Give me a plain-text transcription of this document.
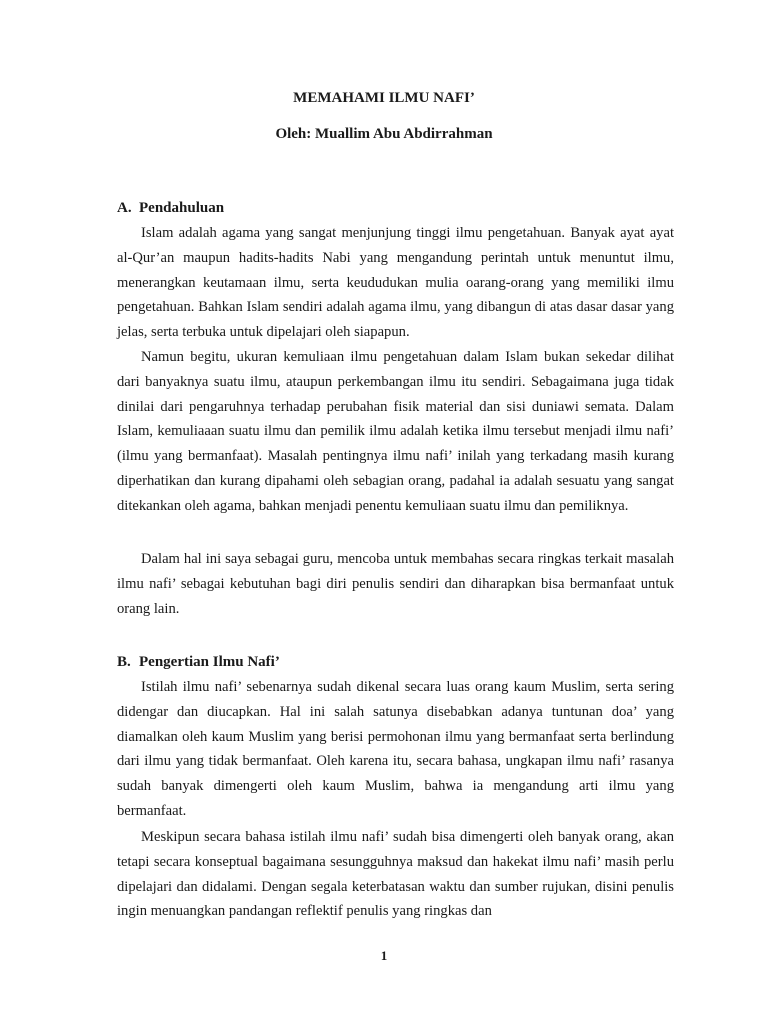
MEMAHAMI ILMU NAFI’
Oleh: Muallim Abu Abdirrahman
A. Pendahuluan

Islam adalah agama yang sangat menjunjung tinggi ilmu pengetahuan. Banyak ayat ayat al-Qur’an maupun hadits-hadits Nabi yang mengandung perintah untuk menuntut ilmu, menerangkan keutamaan ilmu, serta keududukan mulia oarang-orang yang memiliki ilmu pengetahuan. Bahkan Islam sendiri adalah agama ilmu, yang dibangun di atas dasar dasar yang jelas, serta terbuka untuk dipelajari oleh siapapun.

Namun begitu, ukuran kemuliaan ilmu pengetahuan dalam Islam bukan sekedar dilihat dari banyaknya suatu ilmu, ataupun perkembangan ilmu itu sendiri. Sebagaimana juga tidak dinilai dari pengaruhnya terhadap perubahan fisik material dan sisi duniawi semata. Dalam Islam, kemuliaaan suatu ilmu dan pemilik ilmu adalah ketika ilmu tersebut menjadi ilmu nafi’ (ilmu yang bermanfaat). Masalah pentingnya ilmu nafi’ inilah yang terkadang masih kurang diperhatikan dan kurang dipahami oleh sebagian orang, padahal ia adalah sesuatu yang sangat ditekankan oleh agama, bahkan menjadi penentu kemuliaan suatu ilmu dan pemiliknya.

Dalam hal ini saya sebagai guru, mencoba untuk membahas secara ringkas terkait masalah ilmu nafi’ sebagai kebutuhan bagi diri penulis sendiri dan diharapkan bisa bermanfaat untuk orang lain.

B. Pengertian Ilmu Nafi’

Istilah ilmu nafi’ sebenarnya sudah dikenal secara luas orang kaum Muslim, serta sering didengar dan diucapkan. Hal ini salah satunya disebabkan adanya tuntunan doa’ yang diamalkan oleh kaum Muslim yang berisi permohonan ilmu yang bermanfaat serta berlindung dari ilmu yang tidak bermanfaat. Oleh karena itu, secara bahasa, ungkapan ilmu nafi’ rasanya sudah banyak dimengerti oleh kaum Muslim, bahwa ia mengandung arti ilmu yang bermanfaat.

Meskipun secara bahasa istilah ilmu nafi’ sudah bisa dimengerti oleh banyak orang, akan tetapi secara konseptual bagaimana sesungguhnya maksud dan hakekat ilmu nafi’ masih perlu dipelajari dan didalami. Dengan segala keterbatasan waktu dan sumber rujukan, disini penulis ingin menuangkan pandangan reflektif penulis yang ringkas dan

1
